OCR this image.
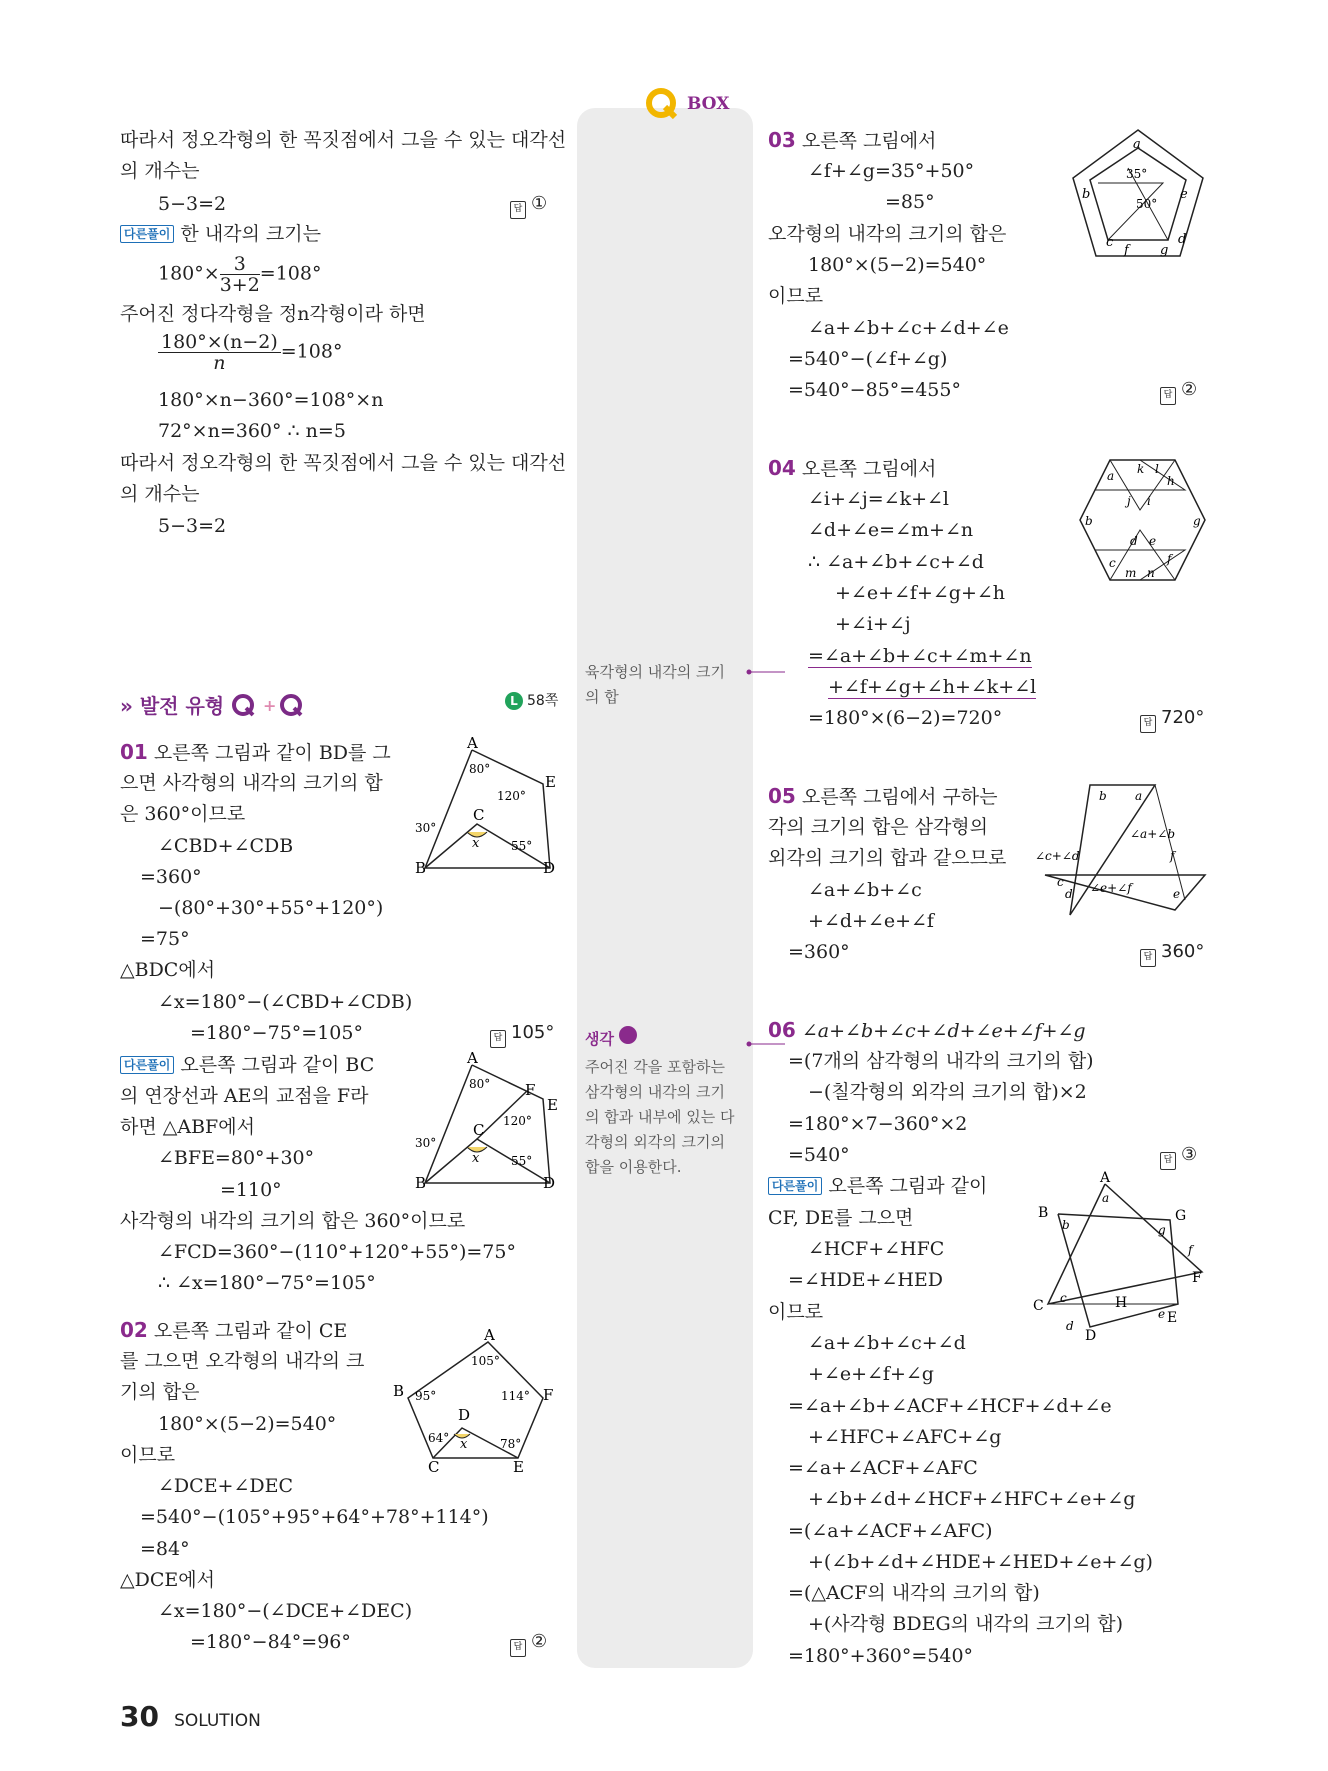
BOX
따라서 정오각형의 한 꼭짓점에서 그을 수 있는 대각선
의 개수는
5−3=2	답 ①
다른풀이 한 내각의 크기는
$180^\circ\times \frac{3}{3+2} =108^\circ$
주어진 정다각형을 정n각형이라 하면
$\frac{180^\circ\times(n-2)}{n} =108^\circ$
180°×n−360°=108°×n
72°×n=360° ∴ n=5
따라서 정오각형의 한 꼭짓점에서 그을 수 있는 대각선
의 개수는
5−3=2
» 발전 유형 +	L 58쪽
01 오른쪽 그림과 같이 BD를 그
으면 사각형의 내각의 크기의 합
은 360°이므로
∠CBD+∠CDB
=360°
−(80°+30°+55°+120°)
=75°
△BDC에서
∠x=180°−(∠CBD+∠CDB)
=180°−75°=105°	답 105°
A
E
B	D
C
80°
120°
30°
55°
x
다른풀이 오른쪽 그림과 같이 BC
의 연장선과 AE의 교점을 F라
하면 △ABF에서
∠BFE=80°+30°
=110°
사각형의 내각의 크기의 합은 360°이므로
∠FCD=360°−(110°+120°+55°)=75°
∴ ∠x=180°−75°=105°
A
E
F
B	D
C
80°
120°
30°
55°
x
02 오른쪽 그림과 같이 CE
를 그으면 오각형의 내각의 크
기의 합은
180°×(5−2)=540°
이므로
∠DCE+∠DEC
=540°−(105°+95°+64°+78°+114°)
=84°
△DCE에서
∠x=180°−(∠DCE+∠DEC)
=180°−84°=96°	답 ②
A
B	F
C	E
D
105°
95°	114°
64°	78°
x
육각형의 내각의 크기
의 합
생각
주어진 각을 포함하는
삼각형의 내각의 크기
의 합과 내부에 있는 다
각형의 외각의 크기의
합을 이용한다.
03 오른쪽 그림에서
∠f+∠g=35°+50°
=85°
오각형의 내각의 크기의 합은
180°×(5−2)=540°
이므로
∠a+∠b+∠c+∠d+∠e
=540°−(∠f+∠g)
=540°−85°=455°	답 ②
a
b	e
c	d
f g
35°
50°
04 오른쪽 그림에서
∠i+∠j=∠k+∠l
∠d+∠e=∠m+∠n
∴ ∠a+∠b+∠c+∠d
+∠e+∠f+∠g+∠h
+∠i+∠j
=∠a+∠b+∠c+∠m+∠n
+∠f+∠g+∠h+∠k+∠l
=180°×(6−2)=720°	답 720°
a k l
h
j i
b	g
d e
f
c
m n
05 오른쪽 그림에서 구하는
각의 크기의 합은 삼각형의
외각의 크기의 합과 같으므로
∠a+∠b+∠c
+∠d+∠e+∠f
=360°	답 360°
b a
∠a+∠b
∠c+∠d	f
c
d ∠e+∠f	e
06 ∠a+∠b+∠c+∠d+∠e+∠f+∠g
=(7개의 삼각형의 내각의 크기의 합)
−(칠각형의 외각의 크기의 합)×2
=180°×7−360°×2
=540°	답 ③
다른풀이 오른쪽 그림과 같이
CF, DE를 그으면
∠HCF+∠HFC
=∠HDE+∠HED
이므로
∠a+∠b+∠c+∠d
+∠e+∠f+∠g
=∠a+∠b+∠ACF+∠HCF+∠d+∠e
+∠HFC+∠AFC+∠g
=∠a+∠ACF+∠AFC
+∠b+∠d+∠HCF+∠HFC+∠e+∠g
=(∠a+∠ACF+∠AFC)
+(∠b+∠d+∠HDE+∠HED+∠e+∠g)
=(△ACF의 내각의 크기의 합)
+(사각형 BDEG의 내각의 크기의 합)
=180°+360°=540°
A
B	G
F
C	H
D
E
a
b
c
d
e
f
g
30 SOLUTION
